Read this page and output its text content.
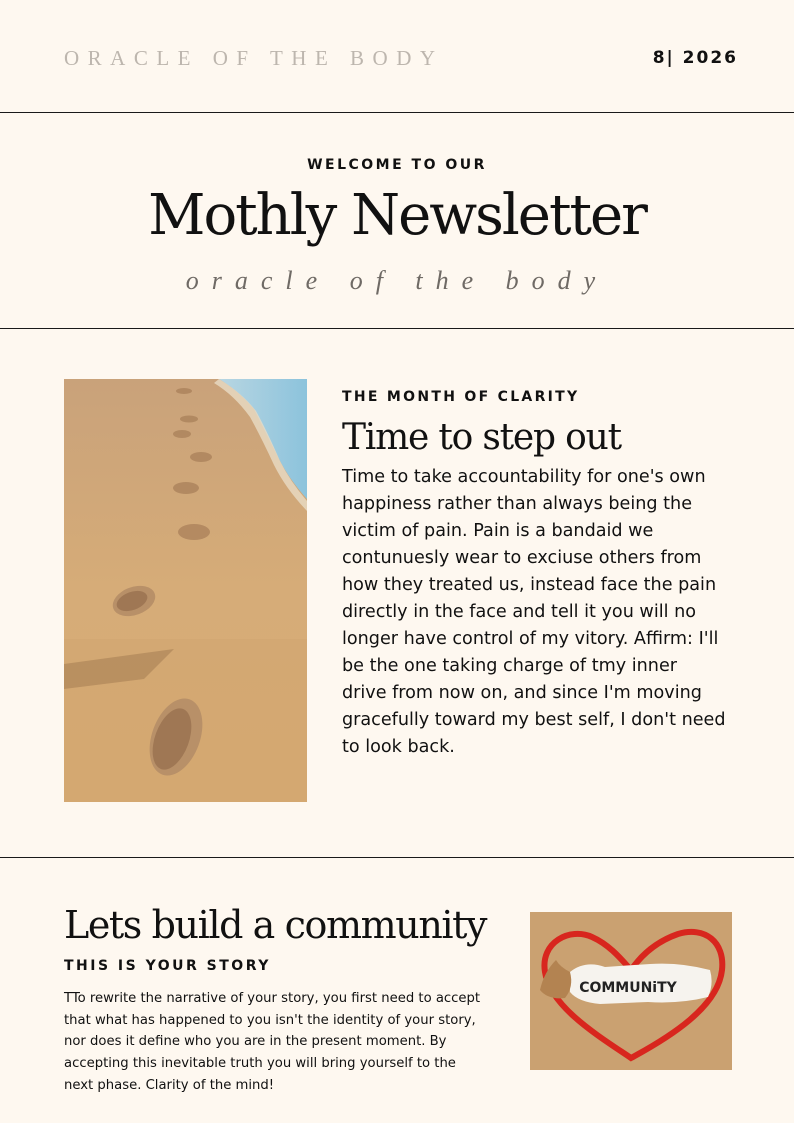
ORACLE OF THE BODY	8| 2026
WELCOME TO OUR
Mothly Newsletter
oracle of the body
THE MONTH OF CLARITY
Time to step out
Time to take accountability for one's own happiness rather than always being the victim of pain. Pain is a bandaid we contunuesly wear to exciuse others from how they treated us, instead face the pain directly in the face and tell it you will no longer have control of my vitory. Affirm: I'll be the one taking charge of tmy inner drive from now on, and since I'm moving gracefully toward my best self, I don't need to look back.
Lets build a community
THIS IS YOUR STORY
TTo rewrite the narrative of your story, you first need to accept that what has happened to you isn't the identity of your story, nor does it define who you are in the present moment. By accepting this inevitable truth you will bring yourself to the next phase. Clarity of the mind!
COMMUNiTY
